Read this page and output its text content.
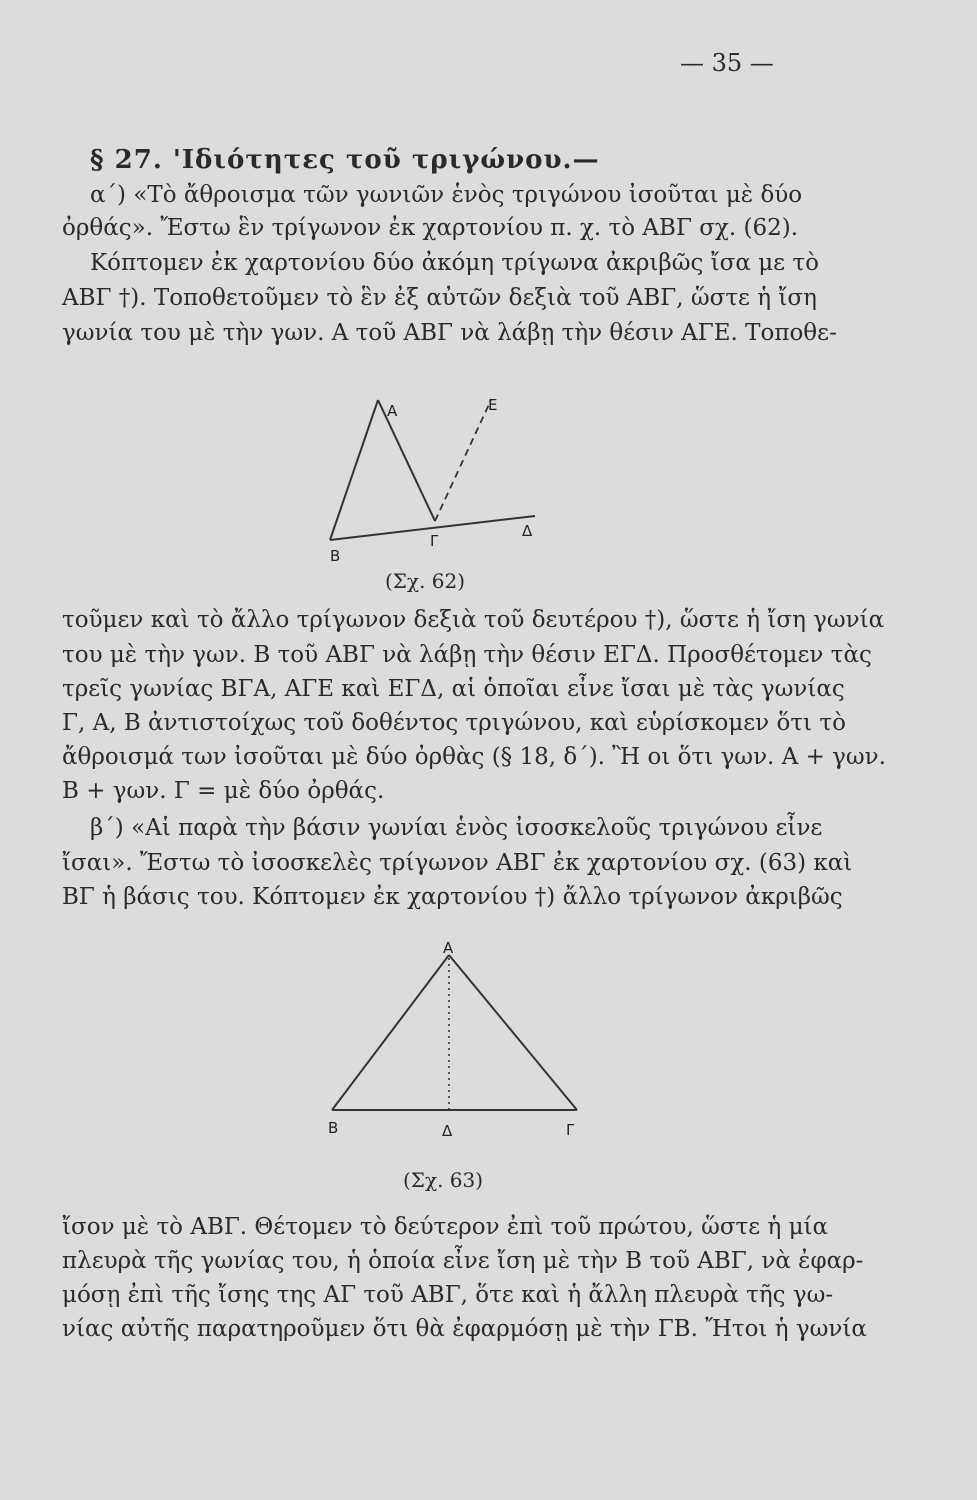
— 35 —
§ 27. 'Ιδιότητες τοῦ τριγώνου.—
α΄) «Τὸ ἄθροισμα τῶν γωνιῶν ἑνὸς τριγώνου ἰσοῦται μὲ δύο
ὀρθάς». Ἔστω ἓν τρίγωνον ἐκ χαρτονίου π. χ. τὸ ΑΒΓ σχ. (62).
Κόπτομεν ἐκ χαρτονίου δύο ἀκόμη τρίγωνα ἀκριβῶς ἴσα με τὸ
ΑΒΓ †). Τοποθετοῦμεν τὸ ἓν ἐξ αὐτῶν δεξιὰ τοῦ ΑΒΓ, ὥστε ἡ ἴση
γωνία του μὲ τὴν γων. Α τοῦ ΑΒΓ νὰ λάβῃ τὴν θέσιν ΑΓΕ. Τοποθε-
Α	Ε
Β
Γ
Δ
(Σχ. 62)
τοῦμεν καὶ τὸ ἄλλο τρίγωνον δεξιὰ τοῦ δευτέρου †), ὥστε ἡ ἴση γωνία
του μὲ τὴν γων. Β τοῦ ΑΒΓ νὰ λάβῃ τὴν θέσιν ΕΓΔ. Προσθέτομεν τὰς
τρεῖς γωνίας ΒΓΑ, ΑΓΕ καὶ ΕΓΔ, αἱ ὁποῖαι εἶνε ἴσαι μὲ τὰς γωνίας
Γ, Α, Β ἀντιστοίχως τοῦ δοθέντος τριγώνου, καὶ εὑρίσκομεν ὅτι τὸ
ἄθροισμά των ἰσοῦται μὲ δύο ὀρθὰς (§ 18, δ΄). Ἢ οι ὅτι γων. Α + γων.
Β + γων. Γ = μὲ δύο ὀρθάς.
β΄) «Αἱ παρὰ τὴν βάσιν γωνίαι ἑνὸς ἰσοσκελοῦς τριγώνου εἶνε
ἴσαι». Ἔστω τὸ ἰσοσκελὲς τρίγωνον ΑΒΓ ἐκ χαρτονίου σχ. (63) καὶ
ΒΓ ἡ βάσις του. Κόπτομεν ἐκ χαρτονίου †) ἄλλο τρίγωνον ἀκριβῶς
Α
Β	Δ	Γ
(Σχ. 63)
ἴσον μὲ τὸ ΑΒΓ. Θέτομεν τὸ δεύτερον ἐπὶ τοῦ πρώτου, ὥστε ἡ μία
πλευρὰ τῆς γωνίας του, ἡ ὁποία εἶνε ἴση μὲ τὴν Β τοῦ ΑΒΓ, νὰ ἐφαρ-
μόσῃ ἐπὶ τῆς ἴσης της ΑΓ τοῦ ΑΒΓ, ὅτε καὶ ἡ ἄλλη πλευρὰ τῆς γω-
νίας αὐτῆς παρατηροῦμεν ὅτι θὰ ἐφαρμόσῃ μὲ τὴν ΓΒ. Ἤτοι ἡ γωνία
